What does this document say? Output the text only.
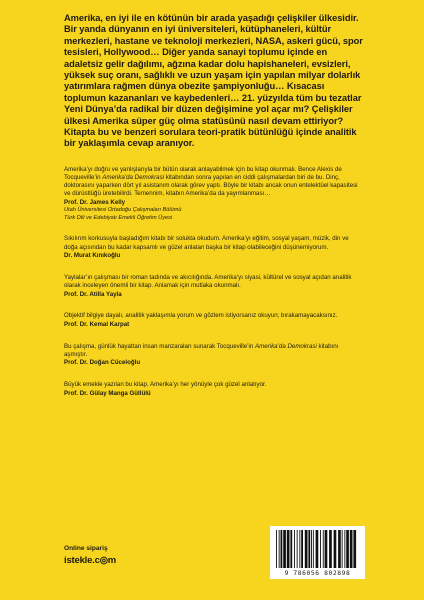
Amerika, en iyi ile en kötünün bir arada yaşadığı çelişkiler ülkesidir. Bir yanda dünyanın en iyi üniversiteleri, kütüphaneleri, kültür merkezleri, hastane ve teknoloji merkezleri, NASA, askeri gücü, spor tesisleri, Hollywood… Diğer yanda sanayi toplumu içinde en adaletsiz gelir dağılımı, ağzına kadar dolu hapishaneleri, evsizleri, yüksek suç oranı, sağlıklı ve uzun yaşam için yapılan milyar dolarlık yatırımlara rağmen dünya obezite şampiyonluğu… Kısacası toplumun kazananları ve kaybedenleri… 21. yüzyılda tüm bu tezatlar Yeni Dünya’da radikal bir düzen değişimine yol açar mı? Çelişkiler ülkesi Amerika süper güç olma statüsünü nasıl devam ettiriyor? Kitapta bu ve benzeri sorulara teori-pratik bütünlüğü içinde analitik bir yaklaşımla cevap aranıyor.

Amerika’yı doğru ve yanlışlarıyla bir bütün olarak anlayabilmek için bu kitap okunmalı. Bence Alexis de Tocqueville’in Amerika’da Demokrasi kitabından sonra yapılan en ciddi çalışmalardan biri de bu. Dinç, doktorasını yaparken dört yıl asistanım olarak görev yaptı. Böyle bir kitabı ancak onun entelektüel kapasitesi ve dürüstlüğü üretebilirdi. Temennim, kitabın Amerika’da da yayımlanması…

Prof. Dr. James Kelly

Utah Üniversitesi Ortadoğu Çalışmaları Bölümü

Türk Dili ve Edebiyatı Emekli Öğretim Üyesi

Sıkılırım korkusuyla başladığım kitabı bir solukta okudum. Amerika’yı eğitim, sosyal yaşam, müzik, din ve doğa açısından bu kadar kapsamlı ve güzel anlatan başka bir kitap olabileceğini düşünemiyorum.

Dr. Murat Kınıkoğlu

Yaylalar’ın çalışması bir roman tadında ve akıcılığında. Amerika’yı siyasi, kültürel ve sosyal açıdan analitik olarak inceleyen önemli bir kitap. Anlamak için mutlaka okunmalı.

Prof. Dr. Atilla Yayla

Objektif bilgiye dayalı, analitik yaklaşımla yorum ve gözlem istiyorsanız okuyun; bırakamayacaksınız.

Prof. Dr. Kemal Karpat

Bu çalışma, günlük hayattan insan manzaraları sunarak Tocqueville’in Amerika’da Demokrasi kitabını aşmıştır.

Prof. Dr. Doğan Cüceloğlu

Büyük emekle yazılan bu kitap, Amerika’yı her yönüyle çok güzel anlatıyor.

Prof. Dr. Gülay Manga Güllülü

Online sipariş
istekle.c◎m
9 786056 802898
